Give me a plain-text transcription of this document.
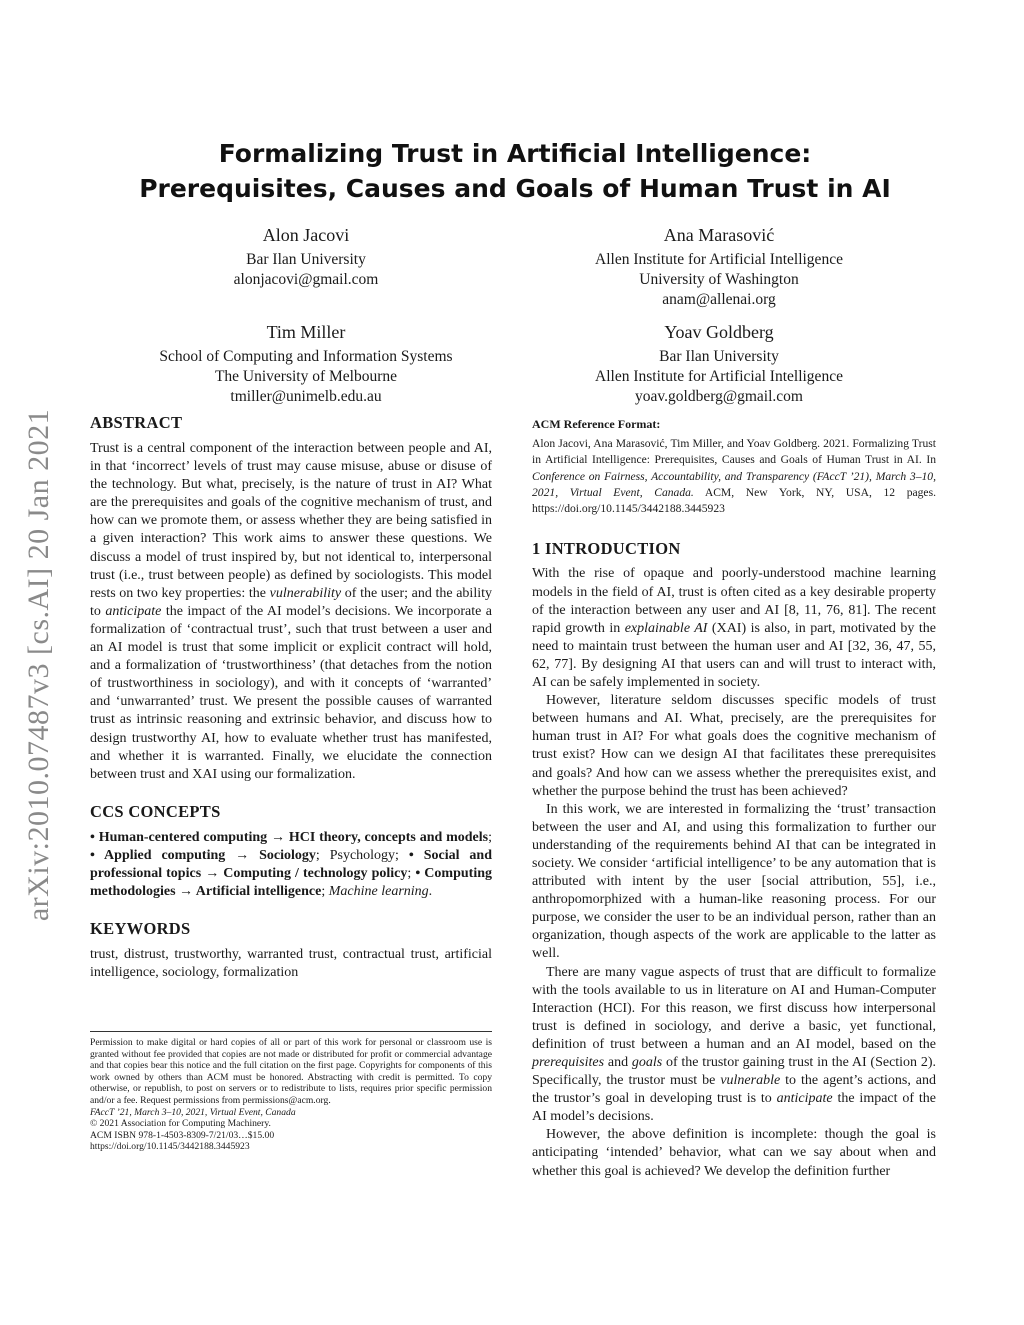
arXiv:2010.07487v3 [cs.AI] 20 Jan 2021
Formalizing Trust in Artificial Intelligence:
Prerequisites, Causes and Goals of Human Trust in AI
Alon Jacovi
Bar Ilan University
alonjacovi@gmail.com
Ana Marasović
Allen Institute for Artificial Intelligence
University of Washington
anam@allenai.org
Tim Miller
School of Computing and Information Systems
The University of Melbourne
tmiller@unimelb.edu.au
Yoav Goldberg
Bar Ilan University
Allen Institute for Artificial Intelligence
yoav.goldberg@gmail.com
ABSTRACT
Trust is a central component of the interaction between people and AI, in that ‘incorrect’ levels of trust may cause misuse, abuse or disuse of the technology. But what, precisely, is the nature of trust in AI? What are the prerequisites and goals of the cognitive mechanism of trust, and how can we promote them, or assess whether they are being satisfied in a given interaction? This work aims to answer these questions. We discuss a model of trust inspired by, but not identical to, interpersonal trust (i.e., trust between people) as defined by sociologists. This model rests on two key properties: the vulnerability of the user; and the ability to anticipate the impact of the AI model’s decisions. We incorporate a formalization of ‘contractual trust’, such that trust between a user and an AI model is trust that some implicit or explicit contract will hold, and a formalization of ‘trustworthiness’ (that detaches from the notion of trustworthiness in sociology), and with it concepts of ‘warranted’ and ‘unwarranted’ trust. We present the possible causes of warranted trust as intrinsic reasoning and extrinsic behavior, and discuss how to design trustworthy AI, how to evaluate whether trust has manifested, and whether it is warranted. Finally, we elucidate the connection between trust and XAI using our formalization.
CCS CONCEPTS
• Human-centered computing → HCI theory, concepts and models; • Applied computing → Sociology; Psychology; • Social and professional topics → Computing / technology policy; • Computing methodologies → Artificial intelligence; Machine learning.
KEYWORDS
trust, distrust, trustworthy, warranted trust, contractual trust, artificial intelligence, sociology, formalization
Permission to make digital or hard copies of all or part of this work for personal or classroom use is granted without fee provided that copies are not made or distributed for profit or commercial advantage and that copies bear this notice and the full citation on the first page. Copyrights for components of this work owned by others than ACM must be honored. Abstracting with credit is permitted. To copy otherwise, or republish, to post on servers or to redistribute to lists, requires prior specific permission and/or a fee. Request permissions from permissions@acm.org.
FAccT ’21, March 3–10, 2021, Virtual Event, Canada
© 2021 Association for Computing Machinery.
ACM ISBN 978-1-4503-8309-7/21/03…$15.00
https://doi.org/10.1145/3442188.3445923
ACM Reference Format:
Alon Jacovi, Ana Marasović, Tim Miller, and Yoav Goldberg. 2021. Formalizing Trust in Artificial Intelligence: Prerequisites, Causes and Goals of Human Trust in AI. In Conference on Fairness, Accountability, and Transparency (FAccT ’21), March 3–10, 2021, Virtual Event, Canada. ACM, New York, NY, USA, 12 pages. https://doi.org/10.1145/3442188.3445923
1 INTRODUCTION

With the rise of opaque and poorly-understood machine learning models in the field of AI, trust is often cited as a key desirable property of the interaction between any user and AI [8, 11, 76, 81]. The recent rapid growth in explainable AI (XAI) is also, in part, motivated by the need to maintain trust between the human user and AI [32, 36, 47, 55, 62, 77]. By designing AI that users can and will trust to interact with, AI can be safely implemented in society.

However, literature seldom discusses specific models of trust between humans and AI. What, precisely, are the prerequisites for human trust in AI? For what goals does the cognitive mechanism of trust exist? How can we design AI that facilitates these prerequisites and goals? And how can we assess whether the prerequisites exist, and whether the purpose behind the trust has been achieved?

In this work, we are interested in formalizing the ‘trust’ transaction between the user and AI, and using this formalization to further our understanding of the requirements behind AI that can be integrated in society. We consider ‘artificial intelligence’ to be any automation that is attributed with intent by the user [social attribution, 55], i.e., anthropomorphized with a human-like reasoning process. For our purpose, we consider the user to be an individual person, rather than an organization, though aspects of the work are applicable to the latter as well.

There are many vague aspects of trust that are difficult to formalize with the tools available to us in literature on AI and Human-Computer Interaction (HCI). For this reason, we first discuss how interpersonal trust is defined in sociology, and derive a basic, yet functional, definition of trust between a human and an AI model, based on the prerequisites and goals of the trustor gaining trust in the AI (Section 2). Specifically, the trustor must be vulnerable to the agent’s actions, and the trustor’s goal in developing trust is to anticipate the impact of the AI model’s decisions.

However, the above definition is incomplete: though the goal is anticipating ‘intended’ behavior, what can we say about when and whether this goal is achieved? We develop the definition further
